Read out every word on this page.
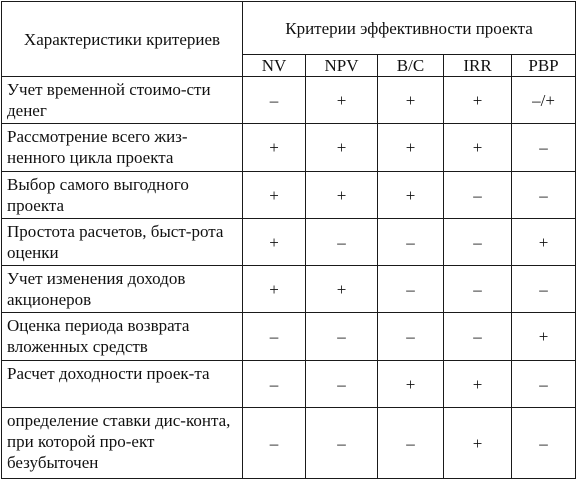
Характеристики критериев	Критерии эффективности проекта				
	NV	NPV	B/C	IRR	PBP
Учет временной стоимо-сти денег	–	+	+	+	–/+
Рассмотрение всего жиз-ненного цикла проекта	+	+	+	+	–
Выбор самого выгодного проекта	+	+	+	–	–
Простота расчетов, быст-рота оценки	+	–	–	–	+
Учет изменения доходов акционеров	+	+	–	–	–
Оценка периода возврата вложенных средств	–	–	–	–	+
Расчет доходности проек-та	–	–	+	+	–
определение ставки дис-конта, при которой про-ект безубыточен	–	–	–	+	–
